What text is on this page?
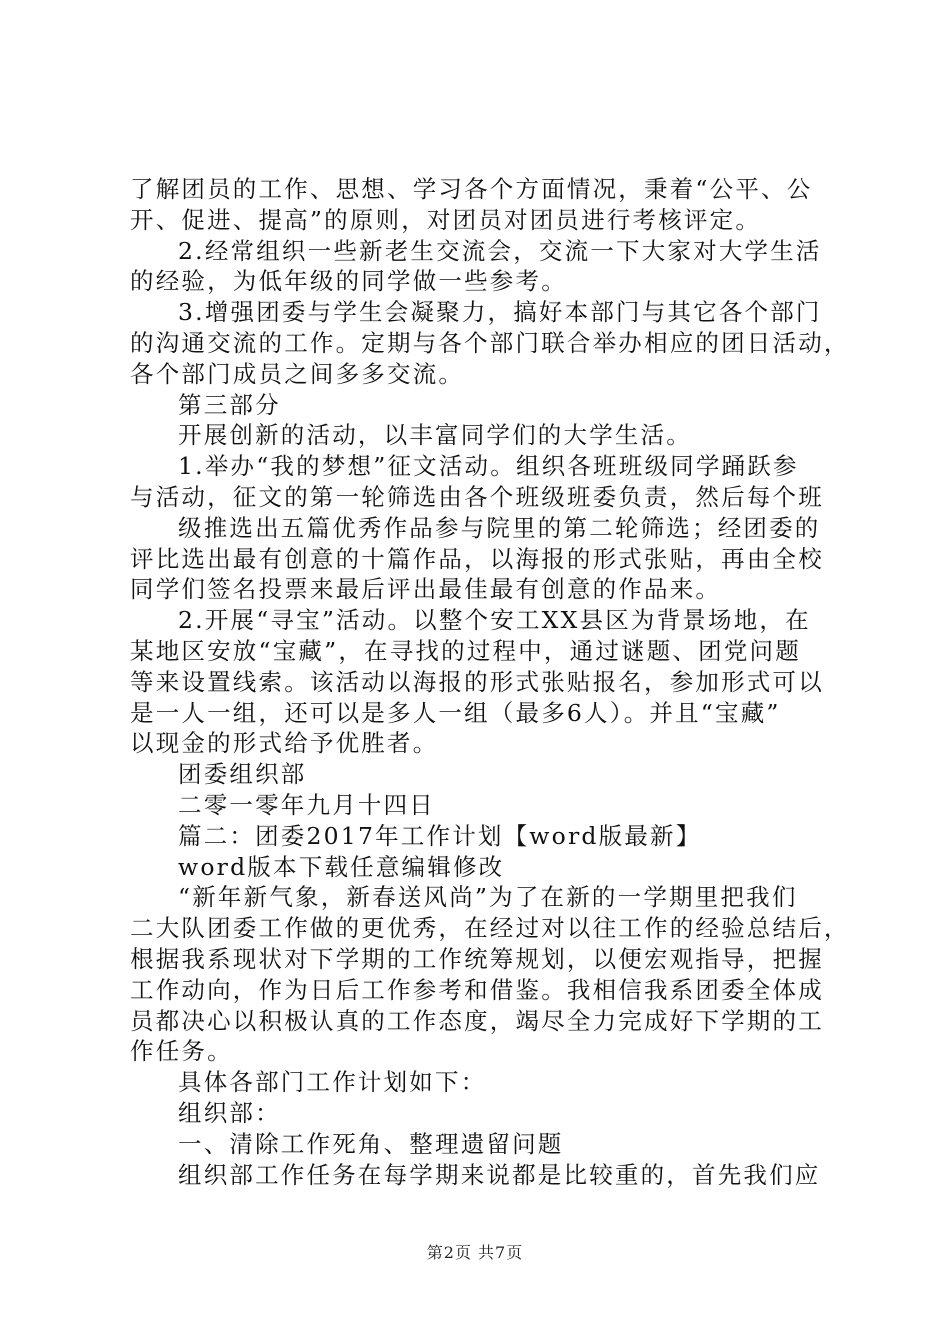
了解团员的工作、思想、学习各个方面情况，秉着“公平、公
开、促进、提高”的原则，对团员对团员进行考核评定。
2.经常组织一些新老生交流会，交流一下大家对大学生活
的经验，为低年级的同学做一些参考。
3.增强团委与学生会凝聚力，搞好本部门与其它各个部门
的沟通交流的工作。定期与各个部门联合举办相应的团日活动，
各个部门成员之间多多交流。
第三部分
开展创新的活动，以丰富同学们的大学生活。
1.举办“我的梦想”征文活动。组织各班班级同学踊跃参
与活动，征文的第一轮筛选由各个班级班委负责，然后每个班
级推选出五篇优秀作品参与院里的第二轮筛选；经团委的
评比选出最有创意的十篇作品，以海报的形式张贴，再由全校
同学们签名投票来最后评出最佳最有创意的作品来。
2.开展“寻宝”活动。以整个安工XX县区为背景场地，在
某地区安放“宝藏”，在寻找的过程中，通过谜题、团党问题
等来设置线索。该活动以海报的形式张贴报名，参加形式可以
是一人一组，还可以是多人一组（最多6人）。并且“宝藏”
以现金的形式给予优胜者。
团委组织部
二零一零年九月十四日
篇二：团委2017年工作计划【word版最新】
word版本下载任意编辑修改
“新年新气象，新春送风尚”为了在新的一学期里把我们
二大队团委工作做的更优秀，在经过对以往工作的经验总结后，
根据我系现状对下学期的工作统筹规划，以便宏观指导，把握
工作动向，作为日后工作参考和借鉴。我相信我系团委全体成
员都决心以积极认真的工作态度，竭尽全力完成好下学期的工
作任务。
具体各部门工作计划如下：
组织部：
一、清除工作死角、整理遗留问题
组织部工作任务在每学期来说都是比较重的，首先我们应
第2页 共7页
